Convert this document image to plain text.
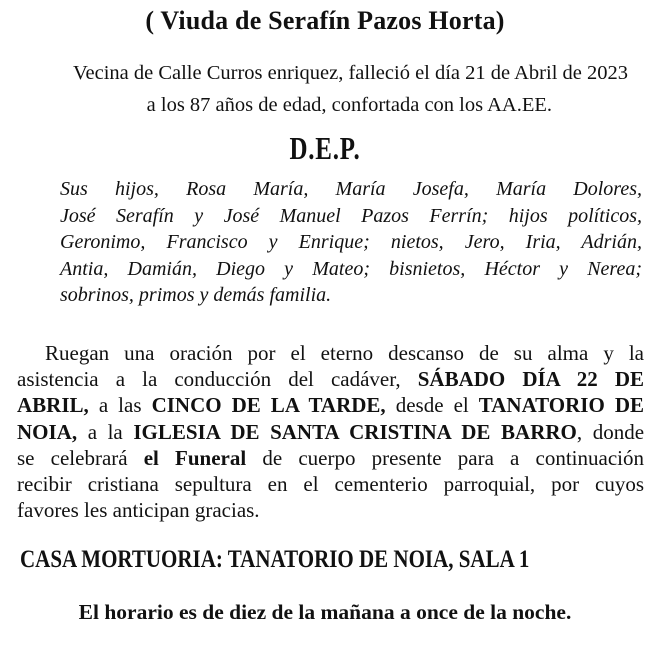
( Viuda de Serafín Pazos Horta)
Vecina de Calle Curros enriquez, falleció el día 21 de Abril de 2023
a los 87 años de edad, confortada con los AA.EE.
D.E.P.
Sus hijos, Rosa María, María Josefa, María Dolores,
José Serafín y José Manuel Pazos Ferrín; hijos políticos,
Geronimo, Francisco y Enrique; nietos, Jero, Iria, Adrián,
Antia, Damián, Diego y Mateo; bisnietos, Héctor y Nerea;
sobrinos, primos y demás familia.
Ruegan una oración por el eterno descanso de su alma y la
asistencia a la conducción del cadáver, SÁBADO DÍA 22 DE
ABRIL, a las CINCO DE LA TARDE, desde el TANATORIO DE
NOIA, a la IGLESIA DE SANTA CRISTINA DE BARRO, donde
se celebrará el Funeral de cuerpo presente para a continuación
recibir cristiana sepultura en el cementerio parroquial, por cuyos
favores les anticipan gracias.
CASA MORTUORIA: TANATORIO DE NOIA, SALA 1
El horario es de diez de la mañana a once de la noche.
